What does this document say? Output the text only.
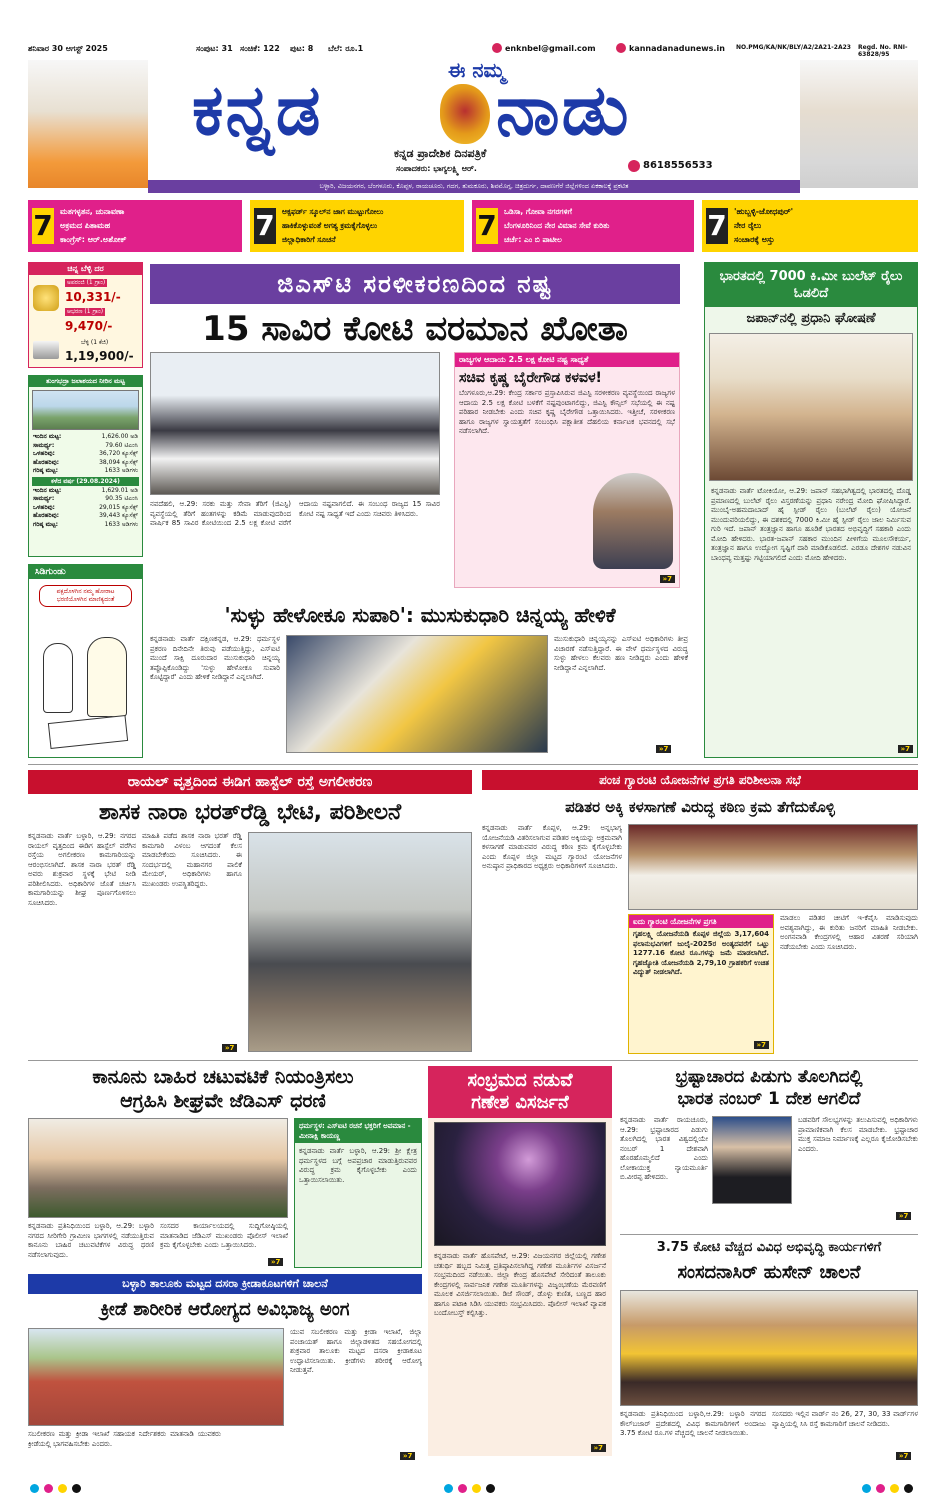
ಶನಿವಾರ 30 ಆಗಸ್ಟ್ 2025	ಸಂಪುಟ: 31 ಸಂಚಿಕೆ: 122 ಪುಟ: 8 ಬೆಲೆ: ರೂ.1	enknbel@gmail.com	kannadanadunews.in NO.PMG/KA/NK/BLY/A2/2A21-2A23 Regd. No. RNI- 63828/95
ಕನ್ನಡ	ಈ ನಮ್ಮ
ನಾಡು
ಕನ್ನಡ ಪ್ರಾದೇಶಿಕ ದಿನಪತ್ರಿಕೆ
ಸಂಪಾದಕರು: ಭಾಗ್ಯಲಕ್ಷ್ಮಿ ಆರ್.	8618556533
ಬಳ್ಳಾರಿ, ವಿಜಯನಗರ, ಬೆಂಗಳೂರು, ಕೊಪ್ಪಳ, ರಾಯಚೂರು, ಗದಗ, ತುಮಕೂರು, ಶಿವಮೊಗ್ಗ, ಚಿತ್ರದುರ್ಗ, ದಾವಣಗೆರೆ ಜಿಲ್ಲೆಗಳಿಂದ ಏಕಕಾಲಕ್ಕೆ ಪ್ರಕಟಿತ
7 ಮತಗಳ್ಳತನ, ಚುನಾವಣಾ
ಅಕ್ರಮದ ಪಿತಾಮಹ
ಕಾಂಗ್ರೆಸ್: ಆರ್.ಅಶೋಕ್	7 ಆಕ್ಸಫರ್ಡ್ ಸ್ಕೂಲ್‌ನ ಜಾಗ ಮುಟ್ಟುಗೋಲು
ಹಾಕಿಕೊಳ್ಳುವಂತೆ ಅಗತ್ಯ ಕ್ರಮಕೈಗೊಳ್ಳಲು
ಜಿಲ್ಲಾಧಿಕಾರಿಗೆ ಸೂಚನೆ	7 ಒಡಿಸಾ, ಗೋವಾ ನಗರಗಳಿಗೆ
ಬೆಂಗಳೂರಿನಿಂದ ನೇರ ವಿಮಾನ ಸೇವೆ ಕುರಿತು
ಚರ್ಚೆ: ಎಂ ಬಿ ಪಾಟೀಲ	7 'ಹುಬ್ಬಳ್ಳಿ-ಜೋಧಪುರ್'
ನೇರ ರೈಲು
ಸಂಚಾರಕ್ಕೆ ಅಸ್ತು
ಚಿನ್ನ ಬೆಳ್ಳಿ ದರ
ಅಪರಂಜಿ (1 ಗ್ರಾಂ)
10,331/-
ಆಭರಣ (1 ಗ್ರಾಂ)
9,470/-
ಬೆಳ್ಳಿ (1 ಕೆಜಿ)
1,19,900/-
ತುಂಗಭದ್ರಾ ಜಲಾಶಯದ ನೀರಿನ ಮಟ್ಟ
ಇಂದಿನ ಮಟ್ಟ:	1,626.00 ಅಡಿ
ಸಾಮರ್ಥ್ಯ:	79.60 ಟಿಎಂಸಿ
ಒಳಹರಿವು:	36,720 ಕ್ಯೂಸೆಕ್ಸ್
ಹೊರಹರಿವು:	38,094 ಕ್ಯೂಸೆಕ್ಸ್
ಗರಿಷ್ಠ ಮಟ್ಟ:	1633 ಅಡಿಗಳು
ಕಳೆದ ವರ್ಷ (29.08.2024)
ಇಂದಿನ ಮಟ್ಟ:	1,629.01 ಅಡಿ
ಸಾಮರ್ಥ್ಯ:	90.35 ಟಿಎಂಸಿ
ಒಳಹರಿವು:	29,015 ಕ್ಯೂಸೆಕ್ಸ್
ಹೊರಹರಿವು:	39,443 ಕ್ಯೂಸೆಕ್ಸ್
ಗರಿಷ್ಠ ಮಟ್ಟ:	1633 ಅಡಿಗಳು
ಸಿಡಿಗುಂಡು
ಪಕ್ಷದೊಳಗಿನ ನಮ್ಮ ಹೋರಾಟ ಭರಣಿಯೊಳಗಿನ ಮಾಣಿಕ್ಯದಂತೆ
ಜಿಎಸ್‌ಟಿ ಸರಳೀಕರಣದಿಂದ ನಷ್ಟ
15 ಸಾವಿರ ಕೋಟಿ ವರಮಾನ ಖೋತಾ
ನವದೆಹಲಿ, ಆ.29: ಸರಕು ಮತ್ತು ಸೇವಾ ತೆರಿಗೆ (ಜಿಎಸ್ಟಿ) ವ್ಯವಸ್ಥೆಯಲ್ಲಿ ತೆರಿಗೆ ಹಂತಗಳನ್ನು ಕಡಿಮೆ ಮಾಡುವುದರಿಂದ ವಾರ್ಷಿಕ 85 ಸಾವಿರ ಕೋಟಿಯಿಂದ 2.5 ಲಕ್ಷ ಕೋಟಿ ವರೆಗೆ ಆದಾಯ ನಷ್ಟವಾಗಲಿದೆ. ಈ ಸಂಬಂಧ ರಾಜ್ಯದ 15 ಸಾವಿರ ಕೋಟಿ ನಷ್ಟ ಸಾಧ್ಯತೆ ಇದೆ ಎಂದು ಸಚಿವರು ತಿಳಿಸಿದರು.
ರಾಜ್ಯಗಳ ಆದಾಯ 2.5 ಲಕ್ಷ ಕೋಟಿ ನಷ್ಟ ಸಾಧ್ಯತೆ
ಸಚಿವ ಕೃಷ್ಣ ಬೈರೇಗೌಡ ಕಳವಳ!
ಬೆಂಗಳೂರು,ಆ.29: ಕೇಂದ್ರ ಸರ್ಕಾರ ಪ್ರಸ್ತಾಪಿಸಿರುವ ಜಿಎಸ್ಟಿ ಸರಳೀಕರಣ ವ್ಯವಸ್ಥೆಯಿಂದ ರಾಜ್ಯಗಳ ಆದಾಯ 2.5 ಲಕ್ಷ ಕೋಟಿ ಬಳಕೆಗೆ ನಷ್ಟವುಂಟಾಗಲಿದ್ದು, ಜಿಎಸ್ಟಿ ಕೌನ್ಸಿಲ್ ಸಭೆಯಲ್ಲಿ ಈ ನಷ್ಟ ಪರಿಹಾರ ನೀಡಬೇಕು ಎಂದು ಸಚಿವ ಕೃಷ್ಣ ಬೈರೇಗೌಡ ಒತ್ತಾಯಿಸಿದರು. ಇತ್ತೀಚೆ, ಸರಳೀಕರಣ ಹಾಗೂ ರಾಜ್ಯಗಳ ಸ್ವಾಯತ್ತತೆಗೆ ಸಂಬಂಧಿಸಿ ಪಕ್ಷಾತೀತ ದೆಹಲಿಯ ಕರ್ನಾಟಕ ಭವನದಲ್ಲಿ ಸಭೆ ನಡೆಸಲಾಗಿದೆ.
»7
ಭಾರತದಲ್ಲಿ 7000 ಕಿ.ಮೀ ಬುಲೆಟ್ ರೈಲು ಓಡಲಿದೆ
ಜಪಾನ್‌ನಲ್ಲಿ ಪ್ರಧಾನಿ ಘೋಷಣೆ
ಕನ್ನಡನಾಡು ವಾರ್ತೆ ಟೋಕಿಯೋ, ಆ.29: ಜಪಾನ್ ಸಹಭಾಗಿತ್ವದಲ್ಲಿ ಭಾರತದಲ್ಲಿ ದೊಡ್ಡ ಪ್ರಮಾಣದಲ್ಲಿ ಬುಲೆಟ್ ರೈಲು ವಿಸ್ತರಣೆಯನ್ನು ಪ್ರಧಾನಿ ನರೇಂದ್ರ ಮೋದಿ ಘೋಷಿಸಿದ್ದಾರೆ. ಮುಂಬೈ-ಅಹಮದಾಬಾದ್ ಹೈ ಸ್ಪೀಡ್ ರೈಲು (ಬುಲೆಟ್ ರೈಲು) ಯೋಜನೆ ಮುಂದುವರಿಯಲಿದ್ದು, ಈ ದಶಕದಲ್ಲಿ 7000 ಕಿ.ಮೀ ಹೈ ಸ್ಪೀಡ್ ರೈಲು ಜಾಲ ನಿರ್ಮಿಸುವ ಗುರಿ ಇದೆ. ಜಪಾನ್ ತಂತ್ರಜ್ಞಾನ ಹಾಗೂ ಹೂಡಿಕೆ ಭಾರತದ ಅಭಿವೃದ್ಧಿಗೆ ಸಹಕಾರಿ ಎಂದು ಮೋದಿ ಹೇಳಿದರು. ಭಾರತ-ಜಪಾನ್ ಸಹಕಾರ ಮುಂದಿನ ಪೀಳಿಗೆಯ ಮೂಲಸೌಕರ್ಯ, ತಂತ್ರಜ್ಞಾನ ಹಾಗೂ ಉದ್ಯೋಗ ಸೃಷ್ಟಿಗೆ ದಾರಿ ಮಾಡಿಕೊಡಲಿದೆ. ಎರಡೂ ದೇಶಗಳ ನಡುವಿನ ಬಾಂಧವ್ಯ ಮತ್ತಷ್ಟು ಗಟ್ಟಿಯಾಗಲಿದೆ ಎಂದು ಮೋದಿ ಹೇಳಿದರು.
»7
'ಸುಳ್ಳು ಹೇಳೋಕೂ ಸುಪಾರಿ': ಮುಸುಕುಧಾರಿ ಚಿನ್ನಯ್ಯ ಹೇಳಿಕೆ
ಕನ್ನಡನಾಡು ವಾರ್ತೆ ದಕ್ಷಿಣಕನ್ನಡ, ಆ.29: ಧರ್ಮಸ್ಥಳ ಪ್ರಕರಣ ದಿನೇದಿನೇ ತಿರುವು ಪಡೆಯುತ್ತಿದ್ದು, ಎಸ್ಐಟಿ ಮುಂದೆ ಸಾಕ್ಷಿ ದೂರುದಾರ ಮುಸುಕುಧಾರಿ ಚಿನ್ನಯ್ಯ ತಪ್ಪೊಪ್ಪಿಕೊಂಡಿದ್ದು 'ಸುಳ್ಳು ಹೇಳೋಕೂ ಸುಪಾರಿ ಕೊಟ್ಟಿದ್ದಾರೆ' ಎಂದು ಹೇಳಿಕೆ ನೀಡಿದ್ದಾನೆ ಎನ್ನಲಾಗಿದೆ.
ಮುಸುಕುಧಾರಿ ಚಿನ್ನಯ್ಯನನ್ನು ಎಸ್ಐಟಿ ಅಧಿಕಾರಿಗಳು ತೀವ್ರ ವಿಚಾರಣೆ ನಡೆಸುತ್ತಿದ್ದಾರೆ. ಈ ವೇಳೆ ಧರ್ಮಸ್ಥಳದ ವಿರುದ್ಧ ಸುಳ್ಳು ಹೇಳಲು ಕೆಲವರು ಹಣ ನೀಡಿದ್ದರು ಎಂದು ಹೇಳಿಕೆ ನೀಡಿದ್ದಾನೆ ಎನ್ನಲಾಗಿದೆ.
»7
ರಾಯಲ್ ವೃತ್ತದಿಂದ ಈಡಿಗ ಹಾಸ್ಟೆಲ್ ರಸ್ತೆ ಅಗಲೀಕರಣ
ಶಾಸಕ ನಾರಾ ಭರತ್‌ರೆಡ್ಡಿ ಭೇಟಿ, ಪರಿಶೀಲನೆ
ಕನ್ನಡನಾಡು ವಾರ್ತೆ ಬಳ್ಳಾರಿ, ಆ.29: ನಗರದ ರಾಯಲ್ ವೃತ್ತದಿಂದ ಈಡಿಗ ಹಾಸ್ಟೆಲ್ ವರೆಗಿನ ರಸ್ತೆಯ ಅಗಲೀಕರಣ ಕಾಮಗಾರಿಯನ್ನು ಆರಂಭಿಸಲಾಗಿದೆ. ಶಾಸಕ ನಾರಾ ಭರತ್ ರೆಡ್ಡಿ ಅವರು ಶುಕ್ರವಾರ ಸ್ಥಳಕ್ಕೆ ಭೇಟಿ ನೀಡಿ ಪರಿಶೀಲಿಸಿದರು. ಅಧಿಕಾರಿಗಳ ಜೊತೆ ಚರ್ಚಿಸಿ ಕಾಮಗಾರಿಯನ್ನು ಶೀಘ್ರ ಪೂರ್ಣಗೊಳಿಸಲು ಸೂಚಿಸಿದರು.
ಮಾಹಿತಿ ಪಡೆದ ಶಾಸಕ ನಾರಾ ಭರತ್ ರೆಡ್ಡಿ ಕಾಮಗಾರಿ ವಿಳಂಬ ಆಗದಂತೆ ಕೆಲಸ ಮಾಡಬೇಕೆಂದು ಸೂಚಿಸಿದರು. ಈ ಸಂದರ್ಭದಲ್ಲಿ ಮಹಾನಗರ ಪಾಲಿಕೆ ಮೇಯರ್, ಅಧಿಕಾರಿಗಳು ಹಾಗೂ ಮುಖಂಡರು ಉಪಸ್ಥಿತರಿದ್ದರು.
»7
ಪಂಚ ಗ್ಯಾರಂಟಿ ಯೋಜನೆಗಳ ಪ್ರಗತಿ ಪರಿಶೀಲನಾ ಸಭೆ
ಪಡಿತರ ಅಕ್ಕಿ ಕಳಸಾಗಣೆ ವಿರುದ್ಧ ಕಠಿಣ ಕ್ರಮ ತೆಗೆದುಕೊಳ್ಳಿ
ಕನ್ನಡನಾಡು ವಾರ್ತೆ ಕೊಪ್ಪಳ, ಆ.29: ಅನ್ನಭಾಗ್ಯ ಯೋಜನೆಯಡಿ ವಿತರಿಸಲಾಗುವ ಪಡಿತರ ಅಕ್ಕಿಯನ್ನು ಅಕ್ರಮವಾಗಿ ಕಳಸಾಗಣೆ ಮಾಡುವವರ ವಿರುದ್ಧ ಕಠಿಣ ಕ್ರಮ ಕೈಗೊಳ್ಳಬೇಕು ಎಂದು ಕೊಪ್ಪಳ ಜಿಲ್ಲಾ ಮಟ್ಟದ ಗ್ಯಾರಂಟಿ ಯೋಜನೆಗಳ ಅನುಷ್ಠಾನ ಪ್ರಾಧಿಕಾರದ ಅಧ್ಯಕ್ಷರು ಅಧಿಕಾರಿಗಳಿಗೆ ಸೂಚಿಸಿದರು.
ಐದು ಗ್ಯಾರಂಟಿ ಯೋಜನೆಗಳ ಪ್ರಗತಿ
ಗೃಹಲಕ್ಷ್ಮಿ ಯೋಜನೆಯಡಿ ಕೊಪ್ಪಳ ಜಿಲ್ಲೆಯ 3,17,604 ಫಲಾನುಭವಿಗಳಿಗೆ ಜುಲೈ-2025ರ ಅಂತ್ಯದವರೆಗೆ ಒಟ್ಟು 1277.16 ಕೋಟಿ ರೂ.ಗಳನ್ನು ಜಮೆ ಮಾಡಲಾಗಿದೆ. ಗೃಹಜ್ಯೋತಿ ಯೋಜನೆಯಡಿ 2,79,10 ಗ್ರಾಹಕರಿಗೆ ಉಚಿತ ವಿದ್ಯುತ್ ನೀಡಲಾಗಿದೆ.
»7
ಮಾಡಲು ಪಡಿತರ ಚೀಟಿಗೆ ಇ-ಕೆವೈಸಿ ಮಾಡಿಸುವುದು ಅವಶ್ಯವಾಗಿದ್ದು, ಈ ಕುರಿತು ಜನರಿಗೆ ಮಾಹಿತಿ ನೀಡಬೇಕು. ಅಂಗನವಾಡಿ ಕೇಂದ್ರಗಳಲ್ಲಿ ಆಹಾರ ವಿತರಣೆ ಸರಿಯಾಗಿ ನಡೆಯಬೇಕು ಎಂದು ಸೂಚಿಸಿದರು.
ಕಾನೂನು ಬಾಹಿರ ಚಟುವಟಿಕೆ ನಿಯಂತ್ರಿಸಲು
ಆಗ್ರಹಿಸಿ ಶೀಘ್ರವೇ ಜೆಡಿಎಸ್ ಧರಣಿ
ಧರ್ಮಸ್ಥಳ: ಎಸ್ಐಟಿ ರಚನೆ ಭಕ್ತರಿಗೆ ಅವಮಾನ - ಮೀನಾಕ್ಷಿ ಕಾಯಣ್ಣ
ಕನ್ನಡನಾಡು ವಾರ್ತೆ ಬಳ್ಳಾರಿ, ಆ.29: ಶ್ರೀ ಕ್ಷೇತ್ರ ಧರ್ಮಸ್ಥಳದ ಬಗ್ಗೆ ಅಪಪ್ರಚಾರ ಮಾಡುತ್ತಿರುವವರ ವಿರುದ್ಧ ಕ್ರಮ ಕೈಗೊಳ್ಳಬೇಕು ಎಂದು ಒತ್ತಾಯಿಸಲಾಯಿತು.
ಕನ್ನಡನಾಡು ಪ್ರತಿನಿಧಿಯಿಂದ ಬಳ್ಳಾರಿ, ಆ.29: ಬಳ್ಳಾರಿ ನಗರದ ಸೀರಿಗೇರಿ ಗ್ರಾಮೀಣ ಭಾಗಗಳಲ್ಲಿ ನಡೆಯುತ್ತಿರುವ ಕಾನೂನು ಬಾಹಿರ ಚಟುವಟಿಕೆಗಳ ವಿರುದ್ಧ ಧರಣಿ ನಡೆಸಲಾಗುವುದು.
ಸಂಸದರ ಕಾರ್ಯಾಲಯದಲ್ಲಿ ಸುದ್ದಿಗೋಷ್ಠಿಯಲ್ಲಿ ಮಾತನಾಡಿದ ಜೆಡಿಎಸ್ ಮುಖಂಡರು ಪೊಲೀಸ್ ಇಲಾಖೆ ಕ್ರಮ ಕೈಗೊಳ್ಳಬೇಕು ಎಂದು ಒತ್ತಾಯಿಸಿದರು.
»7
ಸಂಭ್ರಮದ ನಡುವೆ
ಗಣೇಶ ವಿಸರ್ಜನೆ
ಕನ್ನಡನಾಡು ವಾರ್ತೆ ಹೊಸಪೇಟೆ, ಆ.29: ವಿಜಯನಗರ ಜಿಲ್ಲೆಯಲ್ಲಿ ಗಣೇಶ ಚತುರ್ಥಿ ಹಬ್ಬದ ನಿಮಿತ್ತ ಪ್ರತಿಷ್ಠಾಪಿಸಲಾಗಿದ್ದ ಗಣೇಶ ಮೂರ್ತಿಗಳ ವಿಸರ್ಜನೆ ಸಂಭ್ರಮದಿಂದ ನಡೆಯಿತು. ಜಿಲ್ಲಾ ಕೇಂದ್ರ ಹೊಸಪೇಟೆ ಸೇರಿದಂತೆ ತಾಲೂಕು ಕೇಂದ್ರಗಳಲ್ಲಿ ಸಾರ್ವಜನಿಕ ಗಣೇಶ ಮೂರ್ತಿಗಳನ್ನು ವಿಜೃಂಭಣೆಯ ಮೆರವಣಿಗೆ ಮೂಲಕ ವಿಸರ್ಜಿಸಲಾಯಿತು. ಡಿಜೆ ಸೌಂಡ್, ಡೊಳ್ಳು ಕುಣಿತ, ಬಣ್ಣದ ಹಾರ ಹಾಗೂ ಪಟಾಕಿ ಸಿಡಿಸಿ ಯುವಕರು ಸಂಭ್ರಮಿಸಿದರು. ಪೊಲೀಸ್ ಇಲಾಖೆ ವ್ಯಾಪಕ ಬಂದೋಬಸ್ತ್ ಕಲ್ಪಿಸಿತ್ತು.
»7
ಭ್ರಷ್ಟಾಚಾರದ ಪಿಡುಗು ತೊಲಗಿದಲ್ಲಿ
ಭಾರತ ನಂಬರ್ 1 ದೇಶ ಆಗಲಿದೆ
ಕನ್ನಡನಾಡು ವಾರ್ತೆ ರಾಯಚೂರು, ಆ.29: ಭ್ರಷ್ಟಾಚಾರದ ಪಿಡುಗು ತೊಲಗಿದಲ್ಲಿ ಭಾರತ ವಿಶ್ವದಲ್ಲಿಯೇ ನಂಬರ್ 1 ದೇಶವಾಗಿ ಹೊರಹೊಮ್ಮಲಿದೆ ಎಂದು ಲೋಕಾಯುಕ್ತ ನ್ಯಾಯಮೂರ್ತಿ ಬಿ.ವೀರಪ್ಪ ಹೇಳಿದರು.
ಬಡವರಿಗೆ ಸೌಲಭ್ಯಗಳನ್ನು ತಲುಪಿಸುವಲ್ಲಿ ಅಧಿಕಾರಿಗಳು ಪ್ರಾಮಾಣಿಕವಾಗಿ ಕೆಲಸ ಮಾಡಬೇಕು. ಭ್ರಷ್ಟಾಚಾರ ಮುಕ್ತ ಸಮಾಜ ನಿರ್ಮಾಣಕ್ಕೆ ಎಲ್ಲರೂ ಕೈಜೋಡಿಸಬೇಕು ಎಂದರು.
»7
3.75 ಕೋಟಿ ವೆಚ್ಚದ ವಿವಿಧ ಅಭಿವೃದ್ಧಿ ಕಾರ್ಯಗಳಿಗೆ
ಸಂಸದನಾಸಿರ್ ಹುಸೇನ್ ಚಾಲನೆ
ಕನ್ನಡನಾಡು ಪ್ರತಿನಿಧಿಯಿಂದ ಬಳ್ಳಾರಿ,ಆ.29: ಬಳ್ಳಾರಿ ನಗರದ ಕೌಲ್‌ಬಜಾರ್ ಪ್ರದೇಶದಲ್ಲಿ ವಿವಿಧ ಕಾಮಗಾರಿಗಳಿಗೆ ಅಂದಾಜು 3.75 ಕೋಟಿ ರೂ.ಗಳ ವೆಚ್ಚದಲ್ಲಿ ಚಾಲನೆ ನೀಡಲಾಯಿತು.
ಸಂಸದರು ಇಲ್ಲಿನ ವಾರ್ಡ್ ನಂ 26, 27, 30, 33 ವಾರ್ಡ್‌ಗಳ ವ್ಯಾಪ್ತಿಯಲ್ಲಿ ಸಿಸಿ ರಸ್ತೆ ಕಾಮಗಾರಿಗೆ ಚಾಲನೆ ನೀಡಿದರು.
»7
ಬಳ್ಳಾರಿ ತಾಲೂಕು ಮಟ್ಟದ ದಸರಾ ಕ್ರೀಡಾಕೂಟಗಳಿಗೆ ಚಾಲನೆ
ಕ್ರೀಡೆ ಶಾರೀರಿಕ ಆರೋಗ್ಯದ ಅವಿಭಾಜ್ಯ ಅಂಗ
ಯುವ ಸಬಲೀಕರಣ ಮತ್ತು ಕ್ರೀಡಾ ಇಲಾಖೆ, ಜಿಲ್ಲಾ ಪಂಚಾಯತ್ ಹಾಗೂ ಜಿಲ್ಲಾಡಳಿತದ ಸಹಯೋಗದಲ್ಲಿ ಶುಕ್ರವಾರ ತಾಲೂಕು ಮಟ್ಟದ ದಸರಾ ಕ್ರೀಡಾಕೂಟ ಉದ್ಘಾಟಿಸಲಾಯಿತು. ಕ್ರೀಡೆಗಳು ಶರೀರಕ್ಕೆ ಆರೋಗ್ಯ ನೀಡುತ್ತವೆ.
ಸಬಲೀಕರಣ ಮತ್ತು ಕ್ರೀಡಾ ಇಲಾಖೆ ಸಹಾಯಕ ನಿರ್ದೇಶಕರು ಮಾತನಾಡಿ ಯುವಕರು ಕ್ರೀಡೆಯಲ್ಲಿ ಭಾಗವಹಿಸಬೇಕು ಎಂದರು.
»7
